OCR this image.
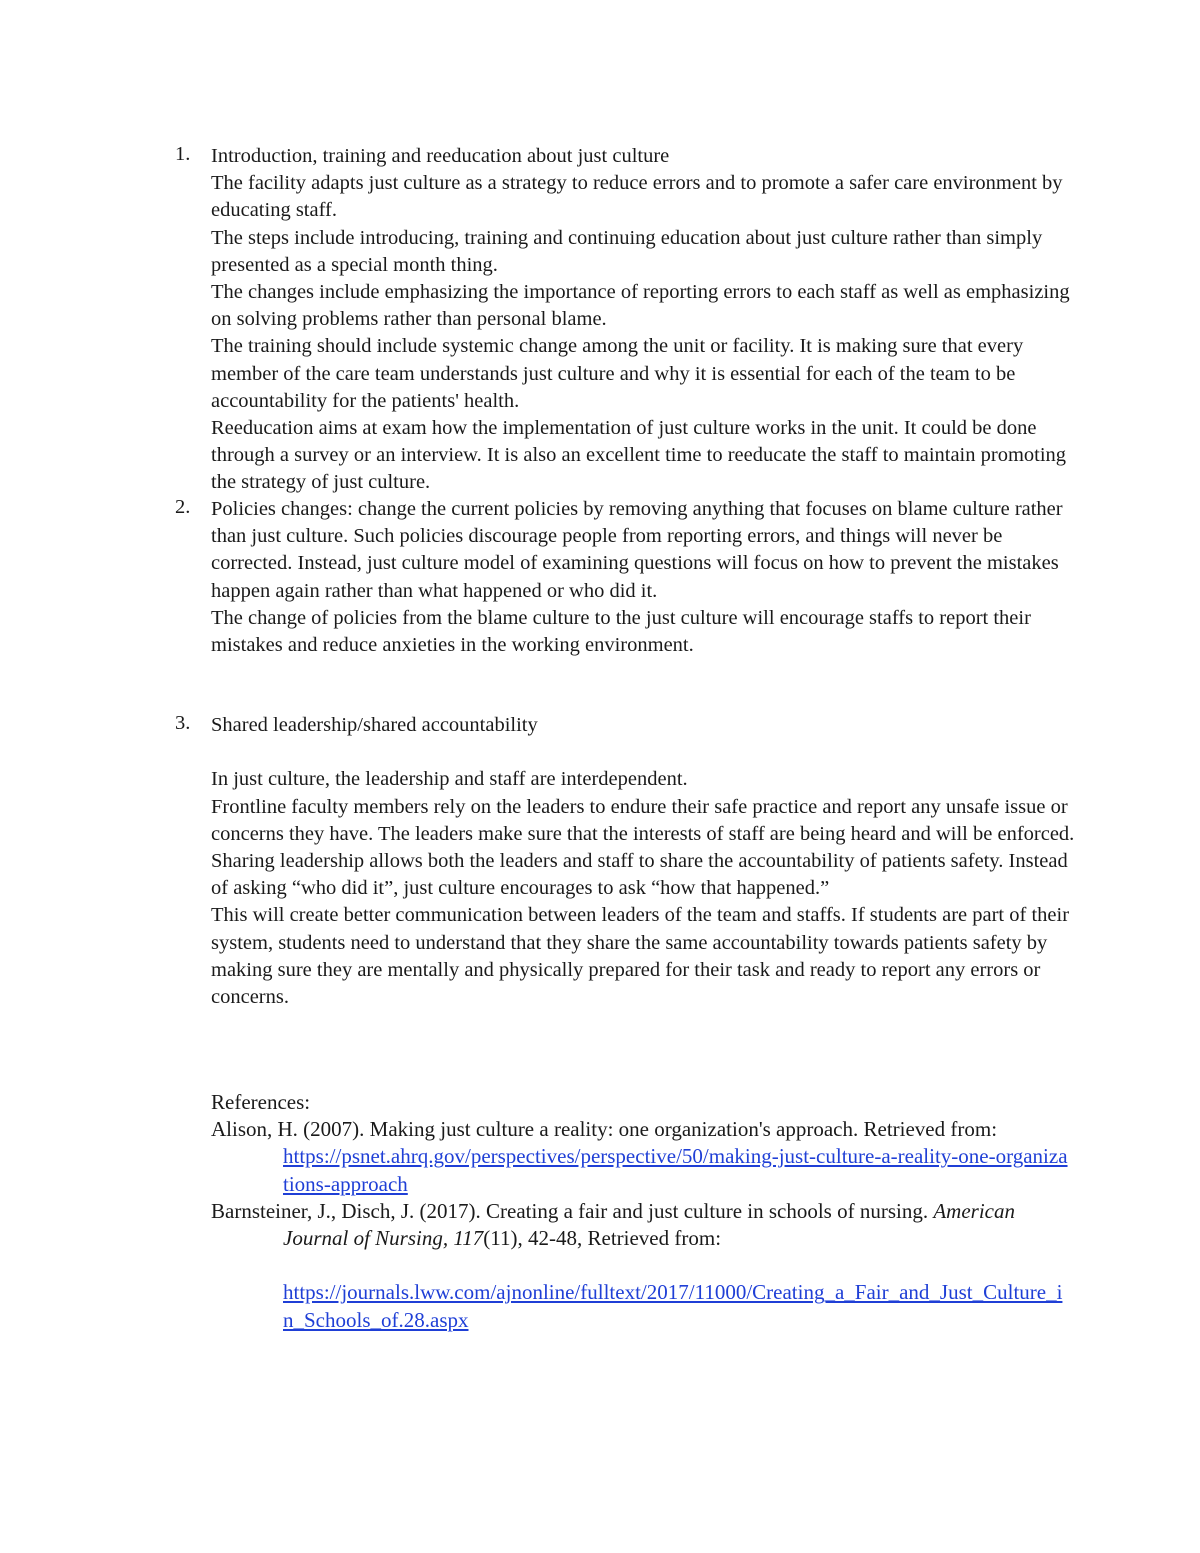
1.	Introduction, training and reeducation about just culture

The facility adapts just culture as a strategy to reduce errors and to promote a safer care environment by educating staff.

The steps include introducing, training and continuing education about just culture rather than simply presented as a special month thing.

The changes include emphasizing the importance of reporting errors to each staff as well as emphasizing on solving problems rather than personal blame.

The training should include systemic change among the unit or facility. It is making sure that every member of the care team understands just culture and why it is essential for each of the team to be accountability for the patients' health.

Reeducation aims at exam how the implementation of just culture works in the unit. It could be done through a survey or an interview. It is also an excellent time to reeducate the staff to maintain promoting the strategy of just culture.

2.	Policies changes: change the current policies by removing anything that focuses on blame culture rather than just culture. Such policies discourage people from reporting errors, and things will never be corrected. Instead, just culture model of examining questions will focus on how to prevent the mistakes happen again rather than what happened or who did it.

The change of policies from the blame culture to the just culture will encourage staffs to report their mistakes and reduce anxieties in the working environment.

3.	Shared leadership/shared accountability

In just culture, the leadership and staff are interdependent.

Frontline faculty members rely on the leaders to endure their safe practice and report any unsafe issue or concerns they have. The leaders make sure that the interests of staff are being heard and will be enforced. Sharing leadership allows both the leaders and staff to share the accountability of patients safety. Instead of asking “who did it”, just culture encourages to ask “how that happened.”

This will create better communication between leaders of the team and staffs. If students are part of their system, students need to understand that they share the same accountability towards patients safety by making sure they are mentally and physically prepared for their task and ready to report any errors or concerns.

References:

Alison, H. (2007). Making just culture a reality: one organization's approach. Retrieved from:
https://psnet.ahrq.gov/perspectives/perspective/50/making-just-culture-a-reality-one-organizations-approach

Barnsteiner, J., Disch, J. (2017). Creating a fair and just culture in schools of nursing. American Journal of Nursing, 117(11), 42-48, Retrieved from:

https://journals.lww.com/ajnonline/fulltext/2017/11000/Creating_a_Fair_and_Just_Culture_in_Schools_of.28.aspx
